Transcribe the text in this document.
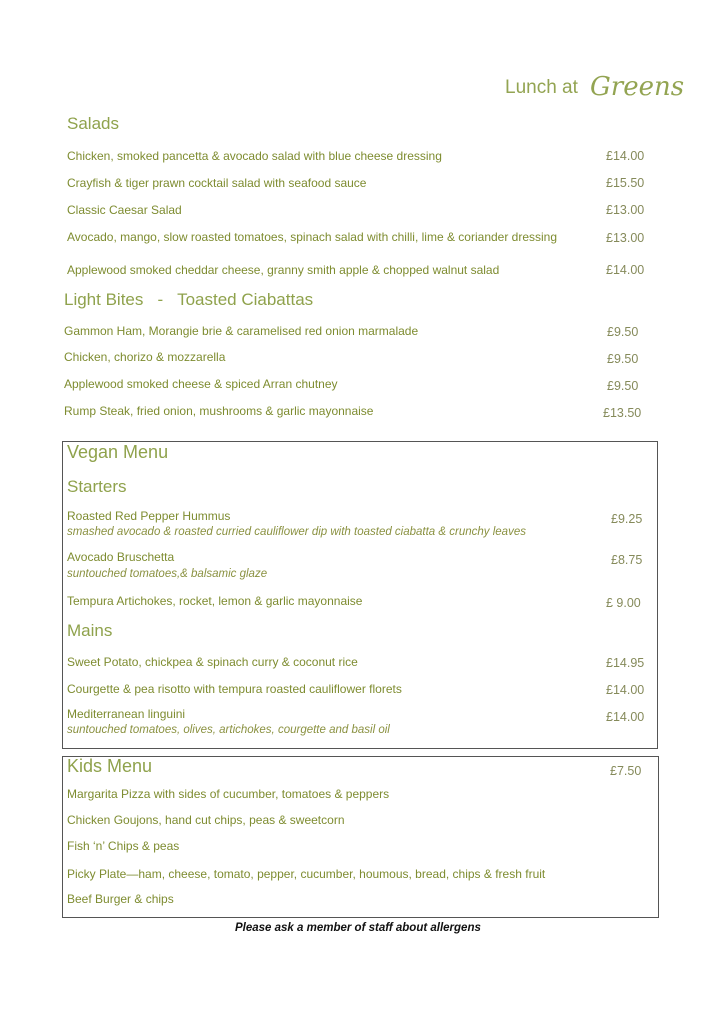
Lunch at Greens
Salads
Chicken, smoked pancetta & avocado salad with blue cheese dressing	£14.00
Crayfish & tiger prawn cocktail salad with seafood sauce	£15.50
Classic Caesar Salad	£13.00
Avocado, mango, slow roasted tomatoes, spinach salad with chilli, lime & coriander dressing	£13.00
Applewood smoked cheddar cheese, granny smith apple & chopped walnut salad	£14.00
Light Bites   -   Toasted Ciabattas
Gammon Ham, Morangie brie & caramelised red onion marmalade	£9.50
Chicken, chorizo & mozzarella	£9.50
Applewood smoked cheese & spiced Arran chutney	£9.50
Rump Steak, fried onion, mushrooms & garlic mayonnaise	£13.50
Vegan Menu
Starters
Roasted Red Pepper Hummus	£9.25
smashed avocado & roasted curried cauliflower dip with toasted ciabatta & crunchy leaves
Avocado Bruschetta	£8.75
suntouched tomatoes,& balsamic glaze
Tempura Artichokes, rocket, lemon & garlic mayonnaise	£ 9.00
Mains
Sweet Potato, chickpea & spinach curry & coconut rice	£14.95
Courgette & pea risotto with tempura roasted cauliflower florets	£14.00
Mediterranean linguini	£14.00
suntouched tomatoes, olives, artichokes, courgette and basil oil
Kids Menu	£7.50
Margarita Pizza with sides of cucumber, tomatoes & peppers
Chicken Goujons, hand cut chips, peas & sweetcorn
Fish ‘n’ Chips & peas
Picky Plate—ham, cheese, tomato, pepper, cucumber, houmous, bread, chips & fresh fruit
Beef Burger & chips
Please ask a member of staff about allergens
